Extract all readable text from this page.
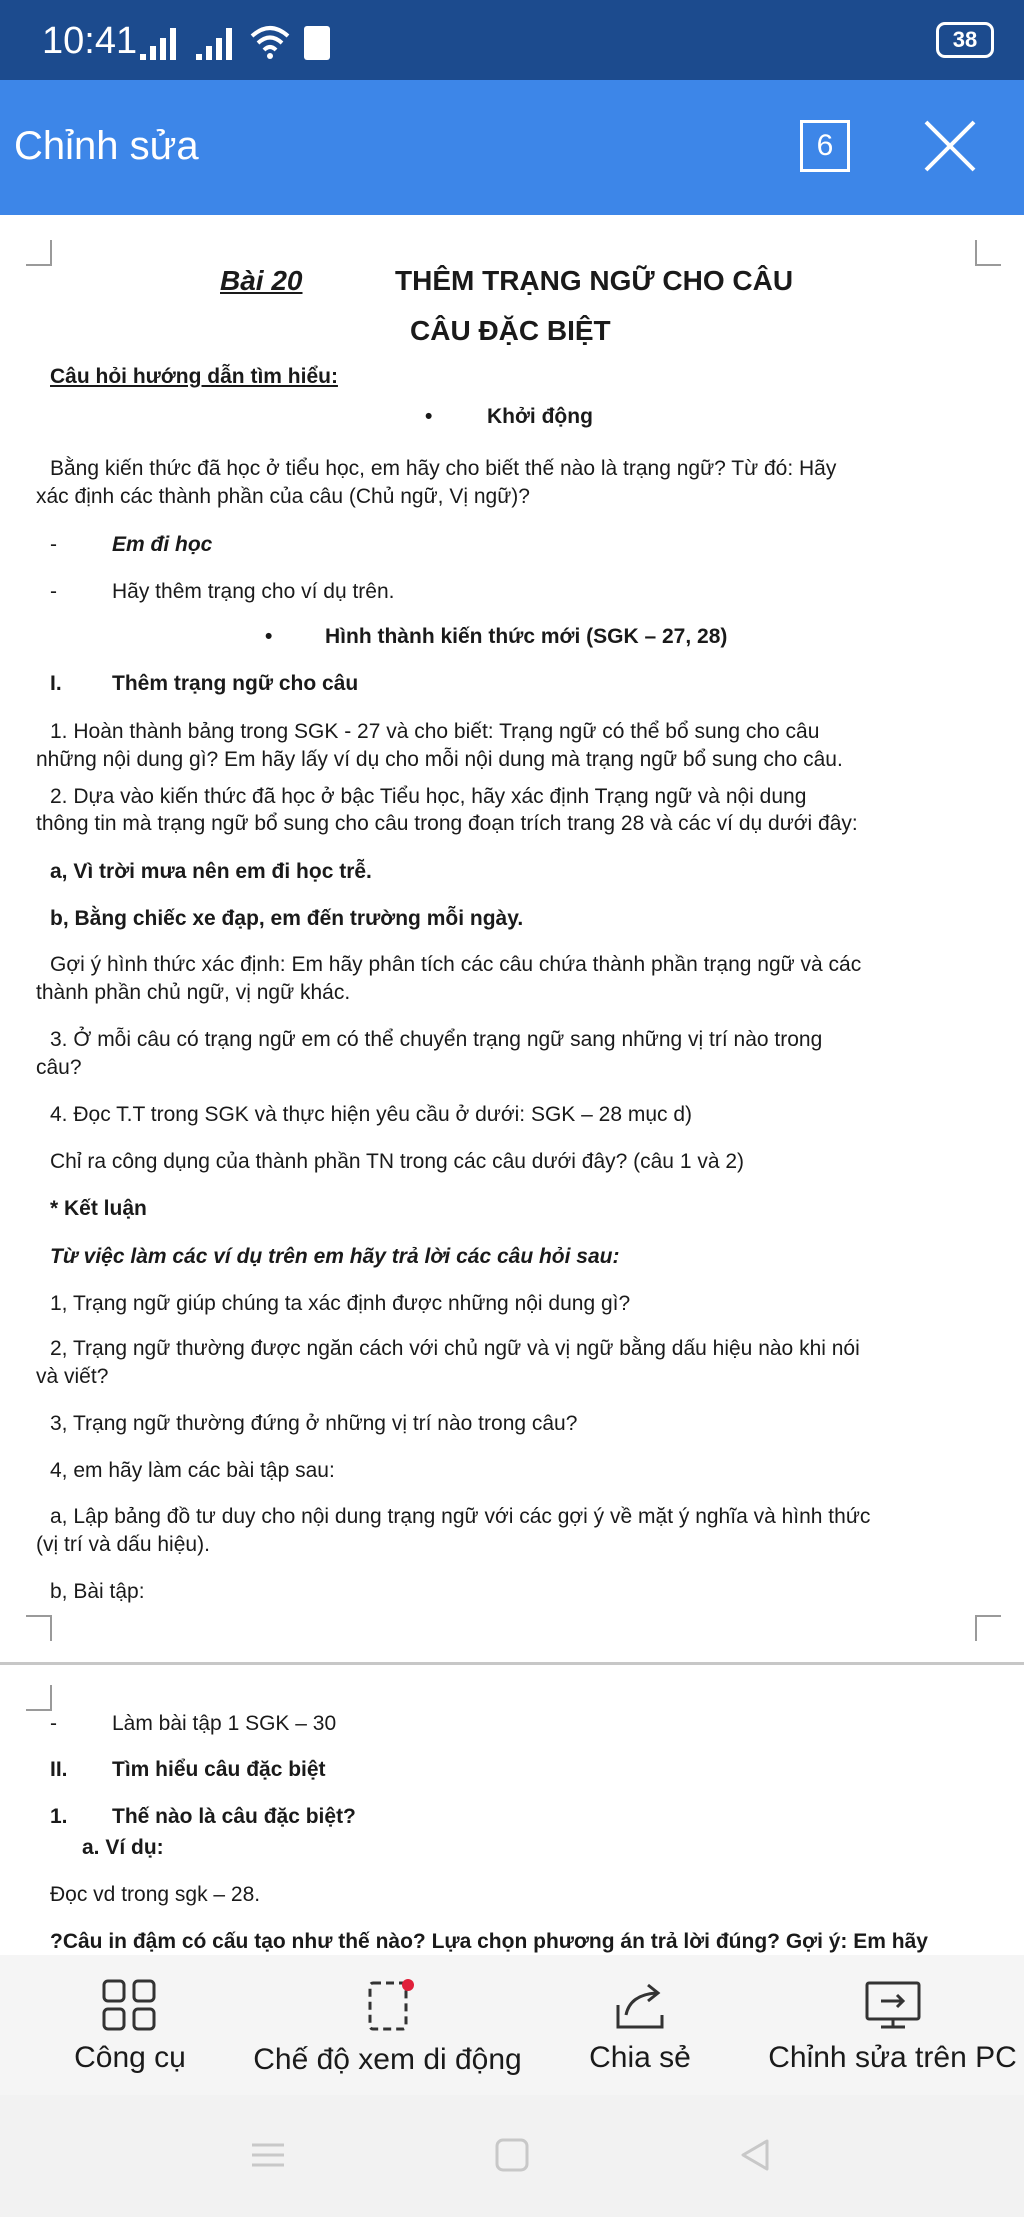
10:41	38
Chỉnh sửa	6
Bài 20	THÊM TRẠNG NGỮ CHO CÂU
CÂU ĐẶC BIỆT
Câu hỏi hướng dẫn tìm hiểu:
•	Khởi động
Bằng kiến thức đã học ở tiểu học, em hãy cho biết thế nào là trạng ngữ? Từ đó: Hãy
xác định các thành phần của câu (Chủ ngữ, Vị ngữ)?
-	Em đi học
-	Hãy thêm trạng cho ví dụ trên.
•	Hình thành kiến thức mới (SGK – 27, 28)
I. Thêm trạng ngữ cho câu
1. Hoàn thành bảng trong SGK - 27 và cho biết: Trạng ngữ có thể bổ sung cho câu
những nội dung gì? Em hãy lấy ví dụ cho mỗi nội dung mà trạng ngữ bổ sung cho câu.
2. Dựa vào kiến thức đã học ở bậc Tiểu học, hãy xác định Trạng ngữ và nội dung
thông tin mà trạng ngữ bổ sung cho câu trong đoạn trích trang 28 và các ví dụ dưới đây:
a, Vì trời mưa nên em đi học trễ.
b, Bằng chiếc xe đạp, em đến trường mỗi ngày.
Gợi ý hình thức xác định: Em hãy phân tích các câu chứa thành phần trạng ngữ và các
thành phần chủ ngữ, vị ngữ khác.
3. Ở mỗi câu có trạng ngữ em có thể chuyển trạng ngữ sang những vị trí nào trong
câu?
4. Đọc T.T trong SGK và thực hiện yêu cầu ở dưới: SGK – 28 mục d)
Chỉ ra công dụng của thành phần TN trong các câu dưới đây? (câu 1 và 2)
* Kết luận
Từ việc làm các ví dụ trên em hãy trả lời các câu hỏi sau:
1, Trạng ngữ giúp chúng ta xác định được những nội dung gì?
2, Trạng ngữ thường được ngăn cách với chủ ngữ và vị ngữ bằng dấu hiệu nào khi nói
và viết?
3, Trạng ngữ thường đứng ở những vị trí nào trong câu?
4, em hãy làm các bài tập sau:
a, Lập bảng đồ tư duy cho nội dung trạng ngữ với các gợi ý về mặt ý nghĩa và hình thức
(vị trí và dấu hiệu).
b, Bài tập:
-	Làm bài tập 1 SGK – 30
II. Tìm hiểu câu đặc biệt
1. Thế nào là câu đặc biệt?
a. Ví dụ:
Đọc vd trong sgk – 28.
?Câu in đậm có cấu tạo như thế nào? Lựa chọn phương án trả lời đúng? Gợi ý: Em hãy
Công cụ	Chế độ xem di động	Chia sẻ	Chỉnh sửa trên PC
